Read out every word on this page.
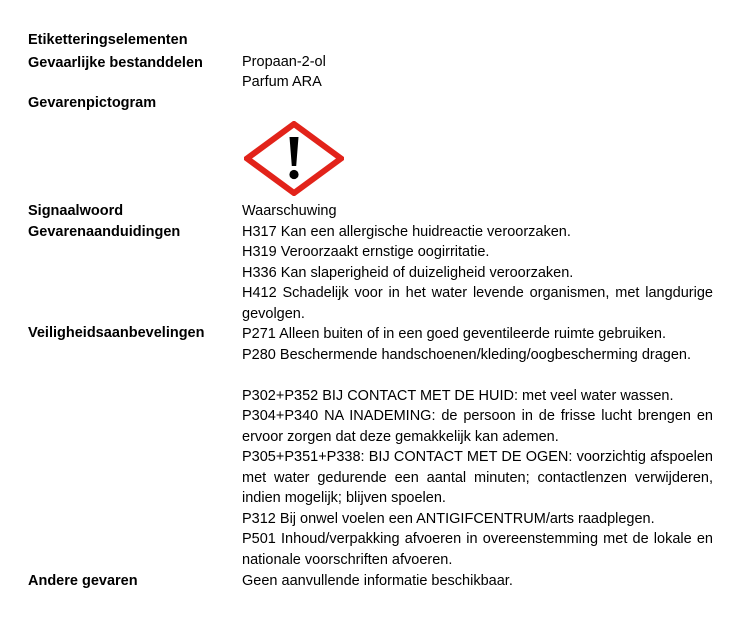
Etiketteringselementen
Gevaarlijke bestanddelen	Propaan-2-ol
Parfum ARA
Gevarenpictogram
Signaalwoord	Waarschuwing
Gevarenaanduidingen	H317 Kan een allergische huidreactie veroorzaken.
H319 Veroorzaakt ernstige oogirritatie.
H336 Kan slaperigheid of duizeligheid veroorzaken.
H412 Schadelijk voor in het water levende organismen, met langdurige gevolgen.
Veiligheidsaanbevelingen	P271 Alleen buiten of in een goed geventileerde ruimte gebruiken.
P280 Beschermende handschoenen/kleding/oogbescherming dragen.
P302+P352 BIJ CONTACT MET DE HUID: met veel water wassen.
P304+P340 NA INADEMING: de persoon in de frisse lucht brengen en ervoor zorgen dat deze gemakkelijk kan ademen.
P305+P351+P338: BIJ CONTACT MET DE OGEN: voorzichtig afspoelen met water gedurende een aantal minuten; contactlenzen verwijderen, indien mogelijk; blijven spoelen.
P312 Bij onwel voelen een ANTIGIFCENTRUM/arts raadplegen.
P501 Inhoud/verpakking afvoeren in overeenstemming met de lokale en nationale voorschriften afvoeren.
Andere gevaren	Geen aanvullende informatie beschikbaar.
